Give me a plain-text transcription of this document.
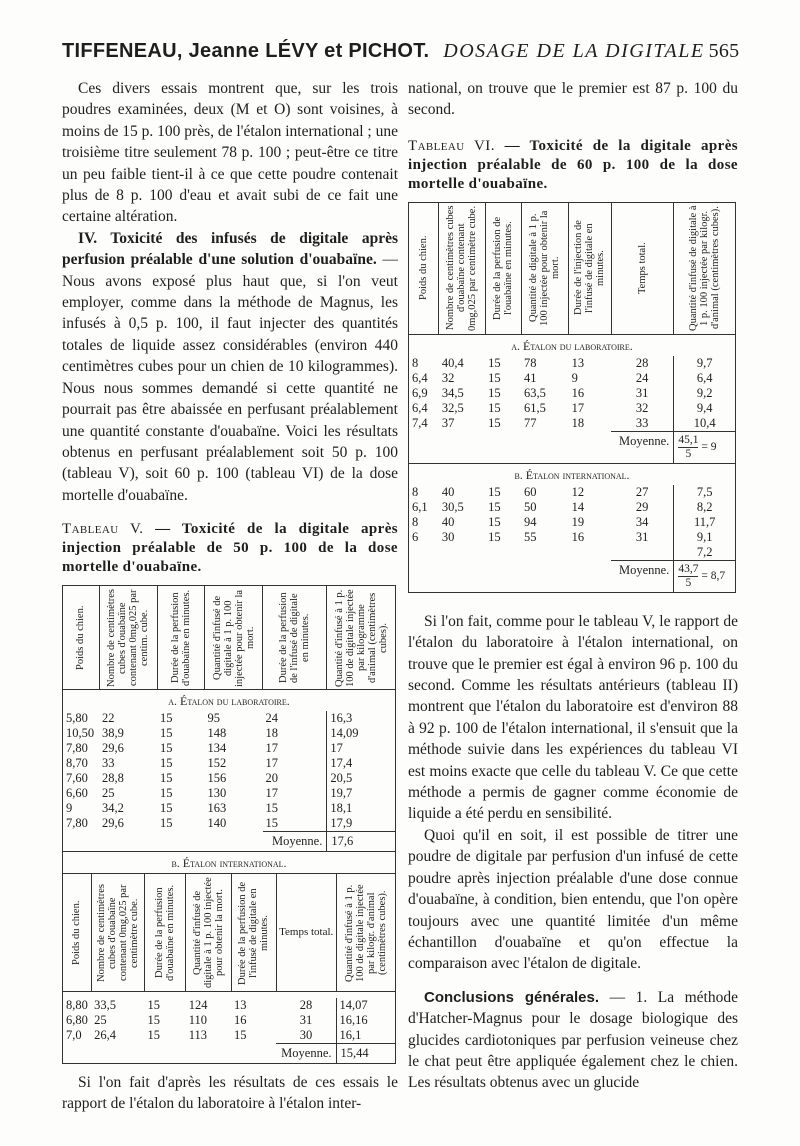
TIFFENEAU, Jeanne LÉVY et PICHOT. DOSAGE DE LA DIGITALE 565

Ces divers essais montrent que, sur les trois poudres examinées, deux (M et O) sont voisines, à moins de 15 p. 100 près, de l'étalon international ; une troisième titre seulement 78 p. 100 ; peut-être ce titre un peu faible tient-il à ce que cette poudre contenait plus de 8 p. 100 d'eau et avait subi de ce fait une certaine altération.

IV. Toxicité des infusés de digitale après perfusion préalable d'une solution d'ouabaïne. — Nous avons exposé plus haut que, si l'on veut employer, comme dans la méthode de Magnus, les infusés à 0,5 p. 100, il faut injecter des quantités totales de liquide assez considérables (environ 440 centimètres cubes pour un chien de 10 kilogrammes). Nous nous sommes demandé si cette quantité ne pourrait pas être abaissée en perfusant préalablement une quantité constante d'ouabaïne. Voici les résultats obtenus en perfusant préalablement soit 50 p. 100 (tableau V), soit 60 p. 100 (tableau VI) de la dose mortelle d'ouabaïne.

Tableau V. — Toxicité de la digitale après injection préalable de 50 p. 100 de la dose mortelle d'ouabaïne.

Poids du chien.	Nombre de centimètres cubes d'ouabaïne contenant 0mg,025 par centim. cube.	Durée de la perfusion d'ouabaïne en minutes.	Quantité d'infusé de digitale à 1 p. 100 injectée pour obtenir la mort.	Durée de la perfusion de l'infusé de digitale en minutes.	Quantité d'infusé à 1 p. 100 de digitale injectée par kilogramme d'animal (centimètres cubes).

a. Étalon du laboratoire.					
5,80	22	15	95	24	16,3
10,50	38,9	15	148	18	14,09
7,80	29,6	15	134	17	17
8,70	33	15	152	17	17,4
7,60	28,8	15	156	20	20,5
6,60	25	15	130	17	19,7
9	34,2	15	163	15	18,1
7,80	29,6	15	140	15	17,9
				Moyenne.	17,6
b. Étalon international.						

Poids du chien.	Nombre de centimètres cubes d'ouabaïne contenant 0mg,025 par centimètre cube.	Durée de la perfusion d'ouabaïne en minutes.	Quantité d'infusé de digitale à 1 p. 100 injectée pour obtenir la mort.	Durée de la perfusion de l'infusé de digitale en minutes.	Temps total.	Quantité d'infusé à 1 p. 100 de digitale injectée par kilogr. d'animal (centimètres cubes).

8,80	33,5	15	124	13	28	14,07
6,80	25	15	110	16	31	16,16
7,0	26,4	15	113	15	30	16,1
					Moyenne.	15,44

Si l'on fait d'après les résultats de ces essais le rapport de l'étalon du laboratoire à l'étalon inter-

national, on trouve que le premier est 87 p. 100 du second.

Tableau VI. — Toxicité de la digitale après injection préalable de 60 p. 100 de la dose mortelle d'ouabaïne.

Poids du chien.	Nombre de centimètres cubes d'ouabaïne contenant 0mg,025 par centimètre cube.	Durée de la perfusion de l'ouabaïne en minutes.	Quantité de digitale à 1 p. 100 injectée pour obtenir la mort.	Durée de l'injection de l'infusé de digitale en minutes.	Temps total.	Quantité d'infusé de digitale à 1 p. 100 injectée par kilogr. d'animal (centimètres cubes).

a. Étalon du laboratoire.						
8	40,4	15	78	13	28	9,7
6,4	32	15	41	9	24	6,4
6,9	34,5	15	63,5	16	31	9,2
6,4	32,5	15	61,5	17	32	9,4
7,4	37	15	77	18	33	10,4
					Moyenne.	$\frac{45,1}{5} = 9$
b. Étalon international.						
8	40	15	60	12	27	7,5
6,1	30,5	15	50	14	29	8,2
8	40	15	94	19	34	11,7
6	30	15	55	16	31	9,1
						7,2
					Moyenne.	$\frac{43,7}{5} = 8,7$

Si l'on fait, comme pour le tableau V, le rapport de l'étalon du laboratoire à l'étalon international, on trouve que le premier est égal à environ 96 p. 100 du second. Comme les résultats antérieurs (tableau II) montrent que l'étalon du laboratoire est d'environ 88 à 92 p. 100 de l'étalon international, il s'ensuit que la méthode suivie dans les expériences du tableau VI est moins exacte que celle du tableau V. Ce que cette méthode a permis de gagner comme économie de liquide a été perdu en sensibilité.

Quoi qu'il en soit, il est possible de titrer une poudre de digitale par perfusion d'un infusé de cette poudre après injection préalable d'une dose connue d'ouabaïne, à condition, bien entendu, que l'on opère toujours avec une quantité limitée d'un même échantillon d'ouabaïne et qu'on effectue la comparaison avec l'étalon de digitale.

Conclusions générales. — 1. La méthode d'Hatcher-Magnus pour le dosage biologique des glucides cardiotoniques par perfusion veineuse chez le chat peut être appliquée également chez le chien. Les résultats obtenus avec un glucide
